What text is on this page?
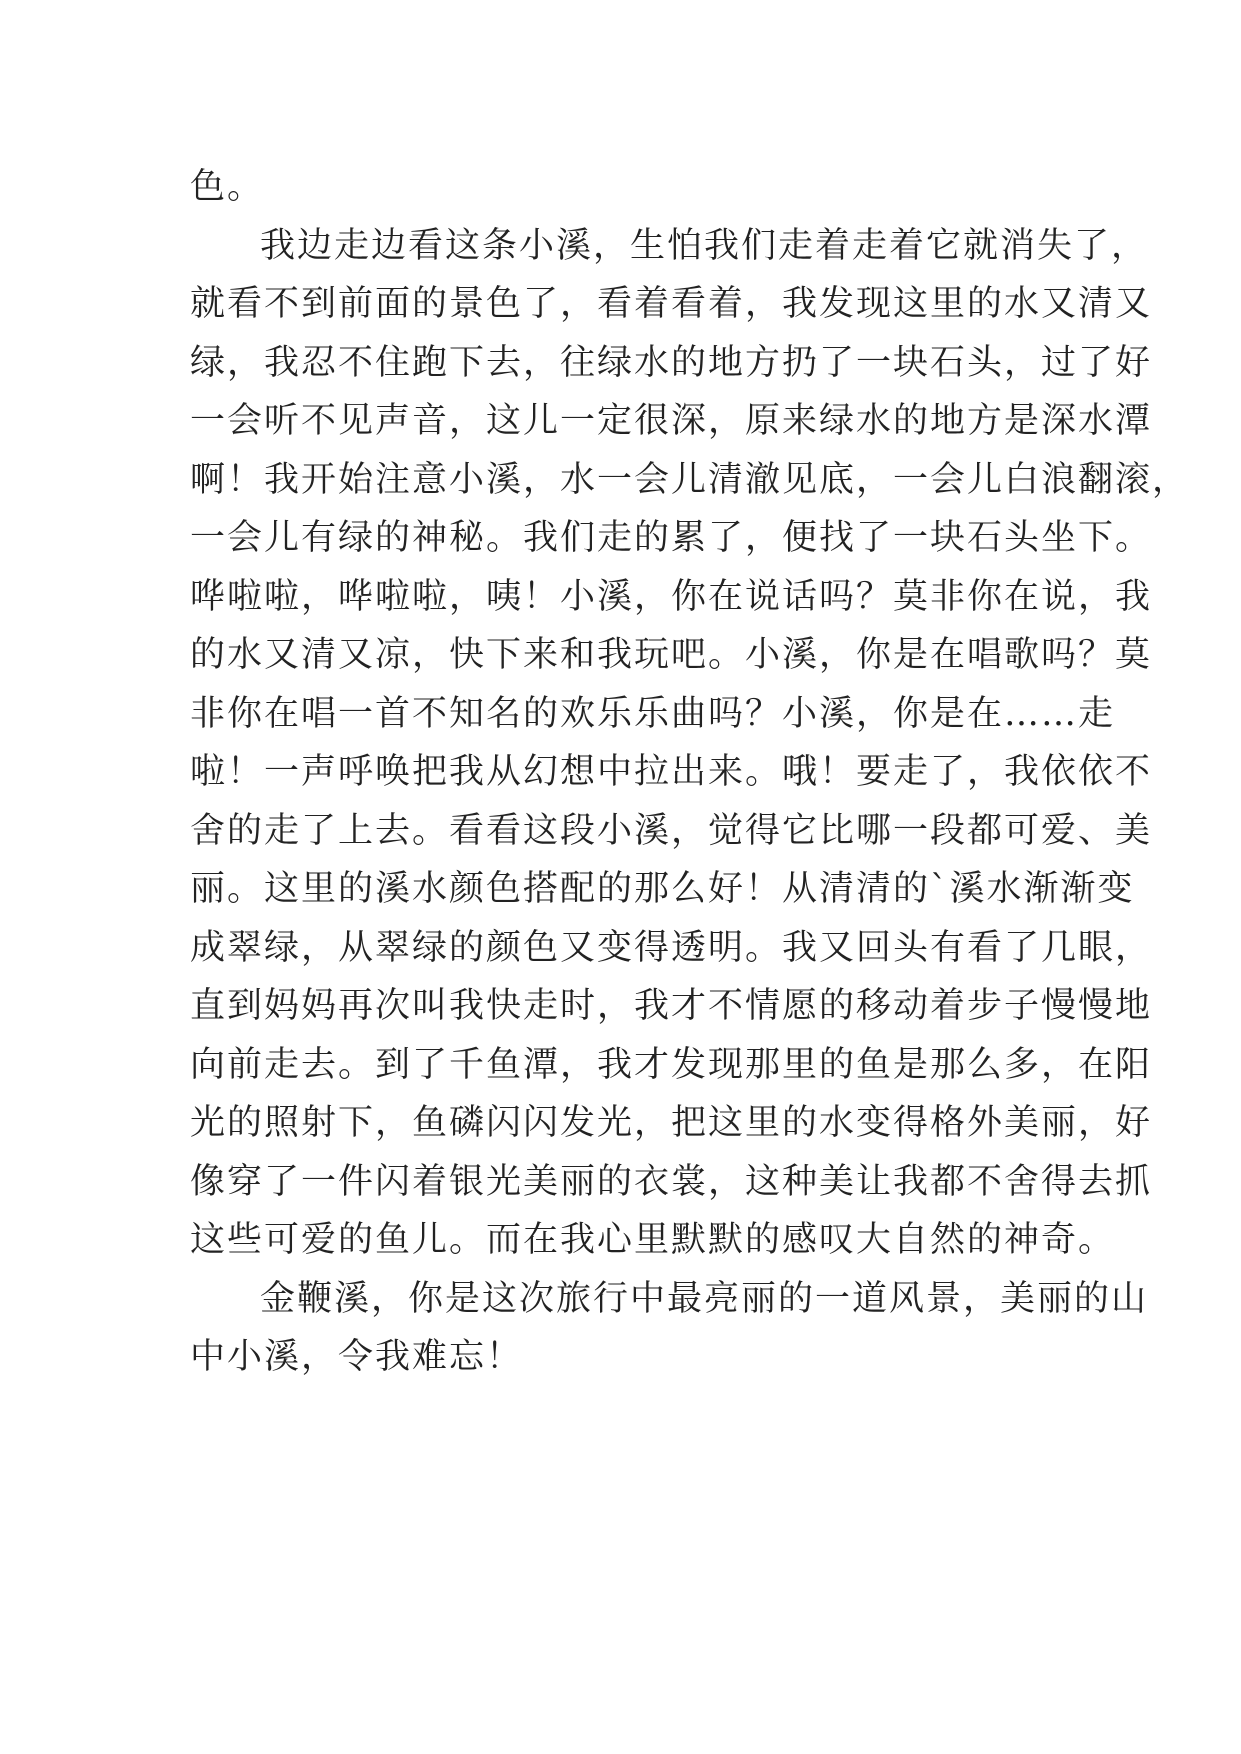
色。
我边走边看这条小溪，生怕我们走着走着它就消失了，
就看不到前面的景色了，看着看着，我发现这里的水又清又
绿，我忍不住跑下去，往绿水的地方扔了一块石头，过了好
一会听不见声音，这儿一定很深，原来绿水的地方是深水潭
啊！我开始注意小溪，水一会儿清澈见底，一会儿白浪翻滚，
一会儿有绿的神秘。我们走的累了，便找了一块石头坐下。
哗啦啦，哗啦啦，咦！小溪，你在说话吗？莫非你在说，我
的水又清又凉，快下来和我玩吧。小溪，你是在唱歌吗？莫
非你在唱一首不知名的欢乐乐曲吗？小溪，你是在……走
啦！一声呼唤把我从幻想中拉出来。哦！要走了，我依依不
舍的走了上去。看看这段小溪，觉得它比哪一段都可爱、美
丽。这里的溪水颜色搭配的那么好！从清清的`溪水渐渐变
成翠绿，从翠绿的颜色又变得透明。我又回头有看了几眼，
直到妈妈再次叫我快走时，我才不情愿的移动着步子慢慢地
向前走去。到了千鱼潭，我才发现那里的鱼是那么多，在阳
光的照射下，鱼磷闪闪发光，把这里的水变得格外美丽，好
像穿了一件闪着银光美丽的衣裳，这种美让我都不舍得去抓
这些可爱的鱼儿。而在我心里默默的感叹大自然的神奇。
金鞭溪，你是这次旅行中最亮丽的一道风景，美丽的山
中小溪，令我难忘！
